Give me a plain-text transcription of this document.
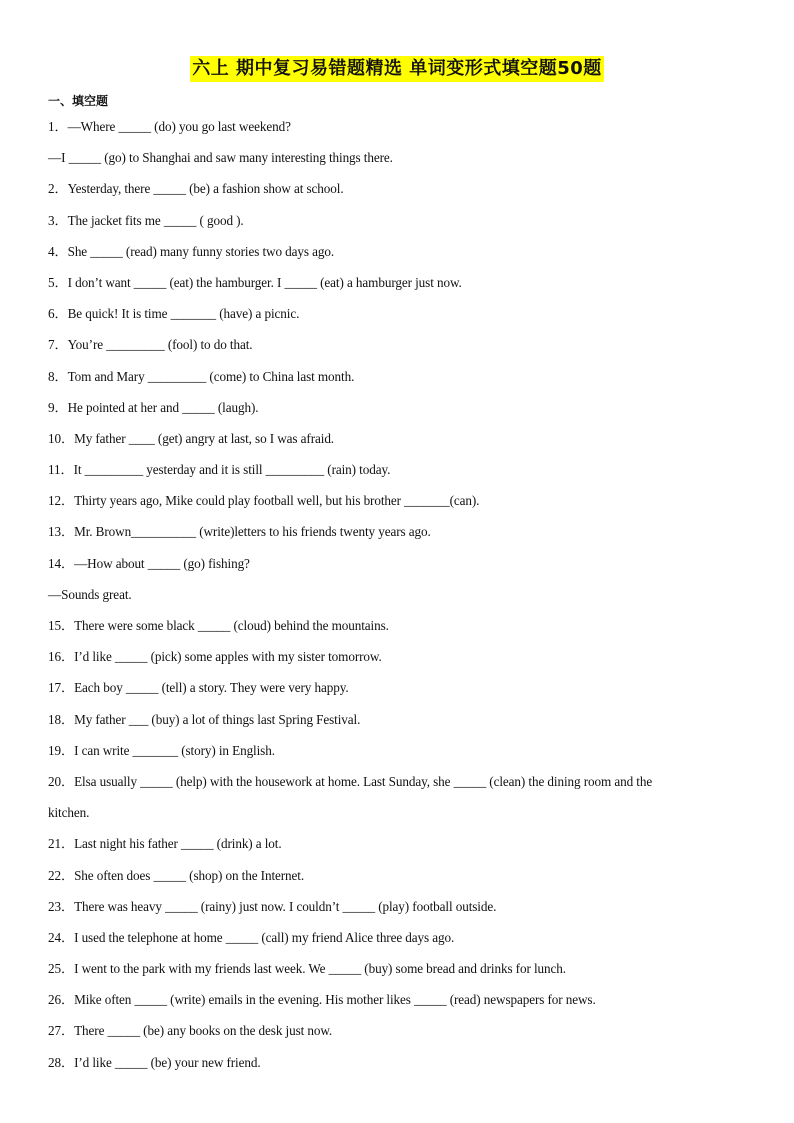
六上 期中复习易错题精选 单词变形式填空题50题
一、填空题
1．—Where _____ (do) you go last weekend?
—I _____ (go) to Shanghai and saw many interesting things there.
2．Yesterday, there _____ (be) a fashion show at school.
3．The jacket fits me _____ ( good ).
4．She _____ (read) many funny stories two days ago.
5．I don’t want _____ (eat) the hamburger. I _____ (eat) a hamburger just now.
6．Be quick! It is time _______ (have) a picnic.
7．You’re _________ (fool) to do that.
8．Tom and Mary _________ (come) to China last month.
9．He pointed at her and _____ (laugh).
10．My father ____ (get) angry at last, so I was afraid.
11．It _________ yesterday and it is still _________ (rain) today.
12．Thirty years ago, Mike could play football well, but his brother _______(can).
13．Mr. Brown__________ (write)letters to his friends twenty years ago.
14．—How about _____ (go) fishing?
—Sounds great.
15．There were some black _____ (cloud) behind the mountains.
16．I’d like _____ (pick) some apples with my sister tomorrow.
17．Each boy _____ (tell) a story. They were very happy.
18．My father ___ (buy) a lot of things last Spring Festival.
19．I can write _______ (story) in English.
20．Elsa usually _____ (help) with the housework at home. Last Sunday, she _____ (clean) the dining room and the
kitchen.
21．Last night his father _____ (drink) a lot.
22．She often does _____ (shop) on the Internet.
23．There was heavy _____ (rainy) just now. I couldn’t _____ (play) football outside.
24．I used the telephone at home _____ (call) my friend Alice three days ago.
25．I went to the park with my friends last week. We _____ (buy) some bread and drinks for lunch.
26．Mike often _____ (write) emails in the evening. His mother likes _____ (read) newspapers for news.
27．There _____ (be) any books on the desk just now.
28．I’d like _____ (be) your new friend.
